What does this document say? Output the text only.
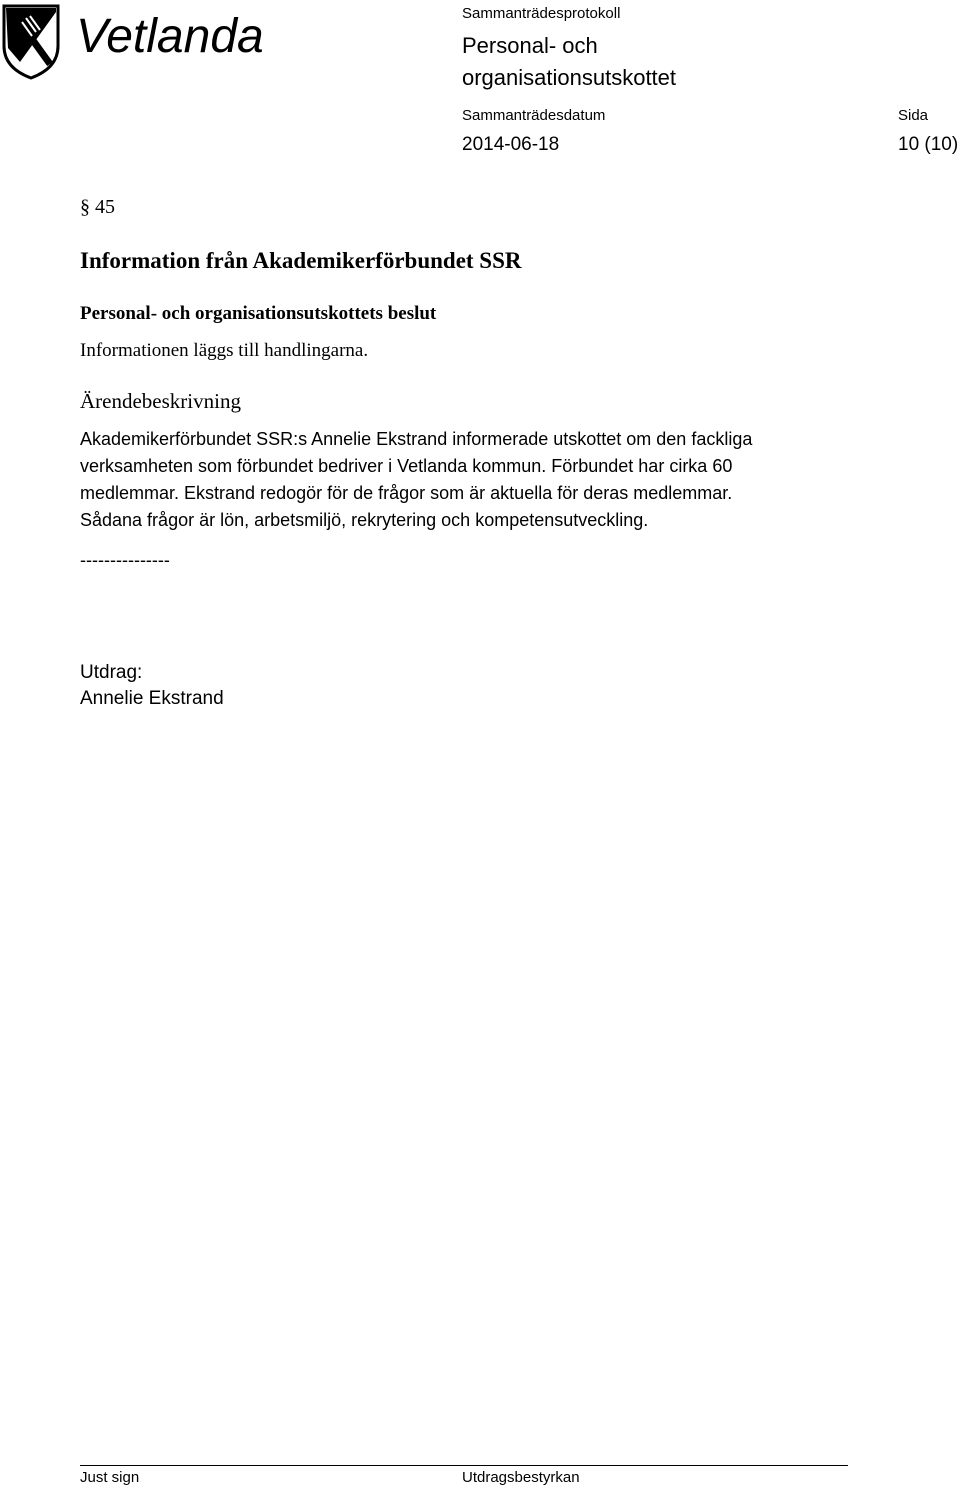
Vetlanda	Sammanträdesprotokoll
Personal- och
organisationsutskottet
Sammanträdesdatum
2014-06-18
Sida
10 (10)
§ 45
Information från Akademikerförbundet SSR
Personal- och organisationsutskottets beslut
Informationen läggs till handlingarna.
Ärendebeskrivning
Akademikerförbundet SSR:s Annelie Ekstrand informerade utskottet om den fackliga
verksamheten som förbundet bedriver i Vetlanda kommun. Förbundet har cirka 60
medlemmar. Ekstrand redogör för de frågor som är aktuella för deras medlemmar.
Sådana frågor är lön, arbetsmiljö, rekrytering och kompetensutveckling.
---------------
Utdrag:
Annelie Ekstrand
Just sign	Utdragsbestyrkan
